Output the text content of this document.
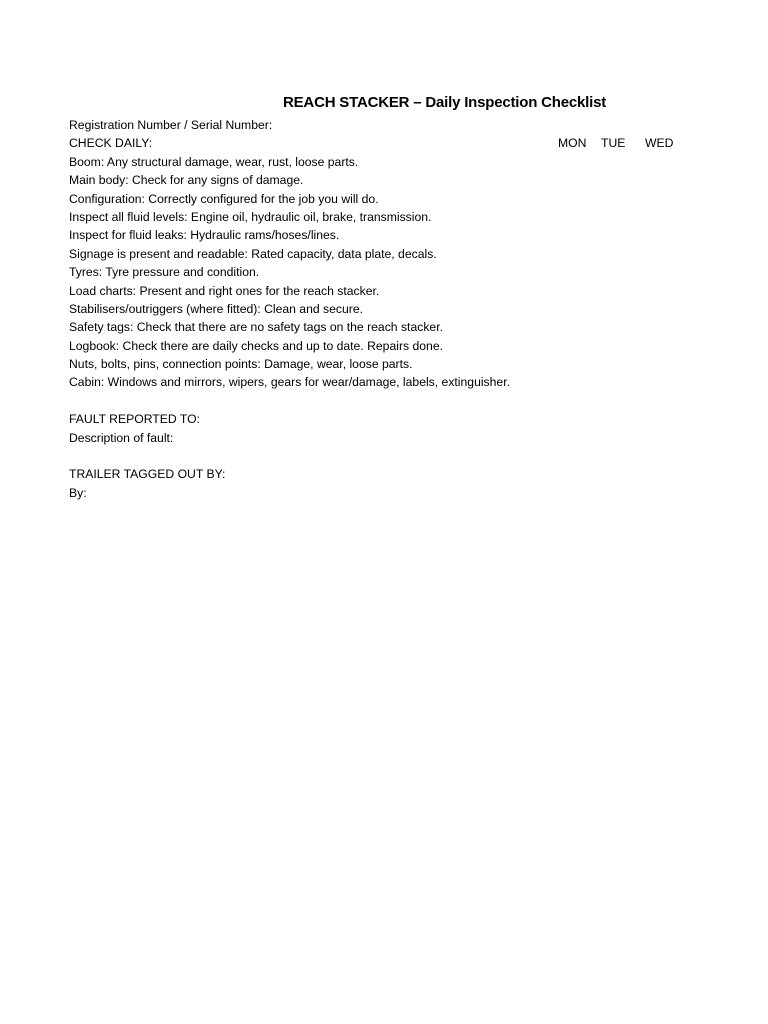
REACH STACKER – Daily Inspection Checklist
Registration Number / Serial Number:
CHECK DAILY:	MON TUE WED
Boom: Any structural damage, wear, rust, loose parts.
Main body: Check for any signs of damage.
Configuration: Correctly configured for the job you will do.
Inspect all fluid levels: Engine oil, hydraulic oil, brake, transmission.
Inspect for fluid leaks: Hydraulic rams/hoses/lines.
Signage is present and readable: Rated capacity, data plate, decals.
Tyres: Tyre pressure and condition.
Load charts: Present and right ones for the reach stacker.
Stabilisers/outriggers (where fitted): Clean and secure.
Safety tags: Check that there are no safety tags on the reach stacker.
Logbook: Check there are daily checks and up to date. Repairs done.
Nuts, bolts, pins, connection points: Damage, wear, loose parts.
Cabin: Windows and mirrors, wipers, gears for wear/damage, labels, extinguisher.
FAULT REPORTED TO:
Description of fault:
TRAILER TAGGED OUT BY:
By:
